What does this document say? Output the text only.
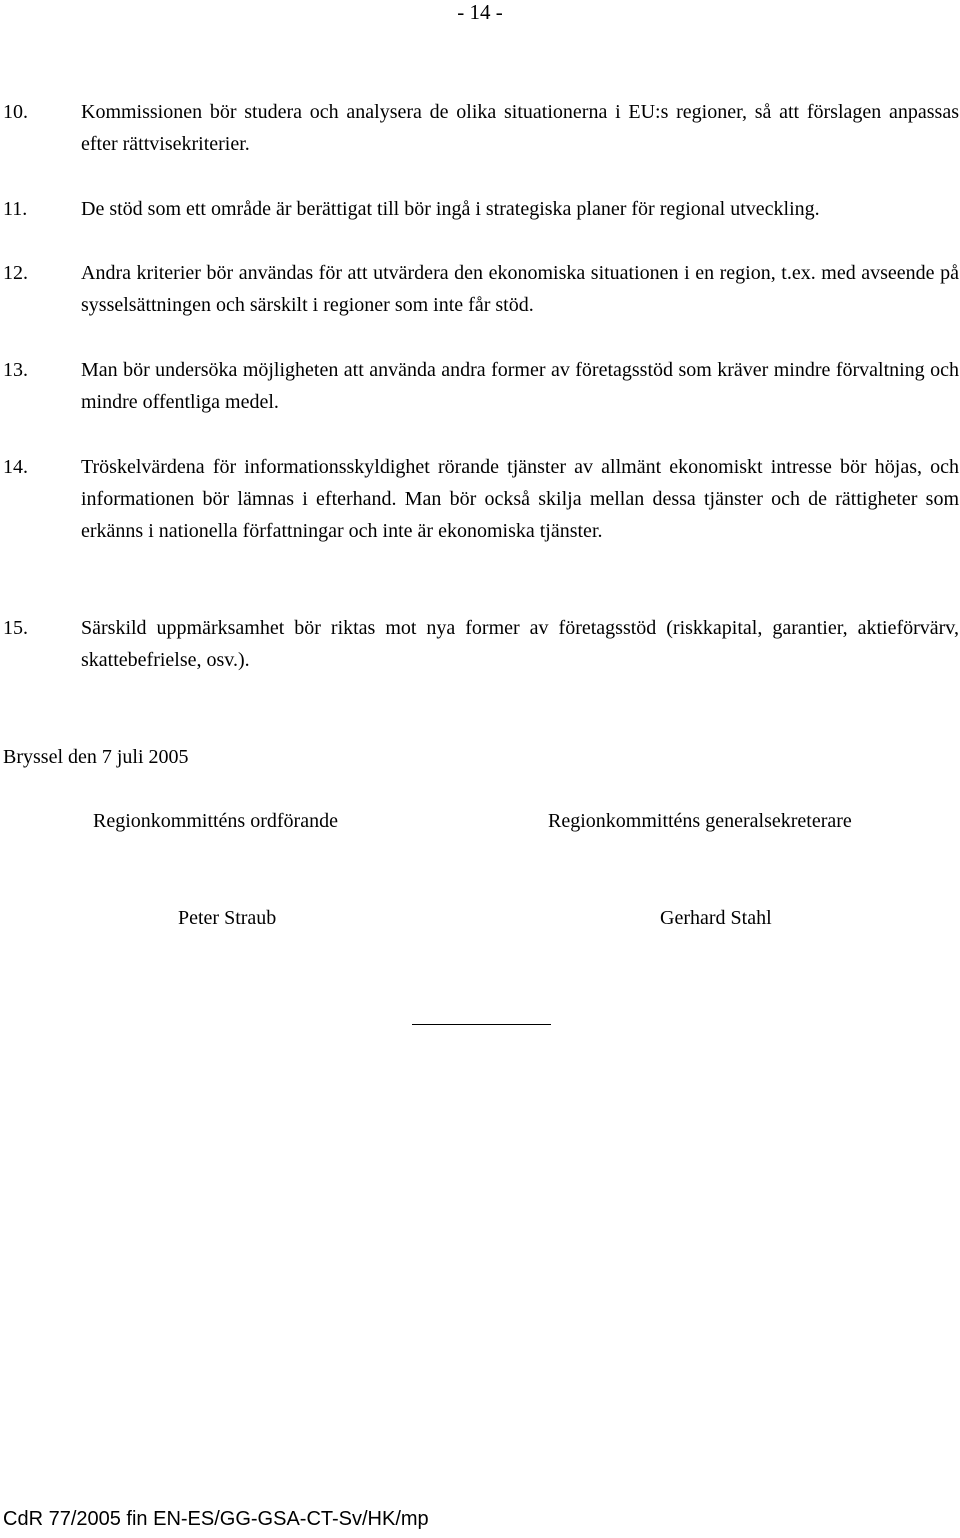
- 14 -
10.	Kommissionen bör studera och analysera de olika situationerna i EU:s regioner, så att förslagen anpassas efter rättvisekriterier.
11.	De stöd som ett område är berättigat till bör ingå i strategiska planer för regional utveckling.
12.	Andra kriterier bör användas för att utvärdera den ekonomiska situationen i en region, t.ex. med avseende på sysselsättningen och särskilt i regioner som inte får stöd.
13.	Man bör undersöka möjligheten att använda andra former av företagsstöd som kräver mindre förvaltning och mindre offentliga medel.
14.	Tröskelvärdena för informationsskyldighet rörande tjänster av allmänt ekonomiskt intresse bör höjas, och informationen bör lämnas i efterhand. Man bör också skilja mellan dessa tjänster och de rättigheter som erkänns i nationella författningar och inte är ekonomiska tjänster.
15.	Särskild uppmärksamhet bör riktas mot nya former av företagsstöd (riskkapital, garantier, aktieförvärv, skattebefrielse, osv.).
Bryssel den 7 juli 2005
Regionkommitténs ordförande	Regionkommitténs generalsekreterare
Peter Straub	Gerhard Stahl
CdR 77/2005 fin EN-ES/GG-GSA-CT-Sv/HK/mp
